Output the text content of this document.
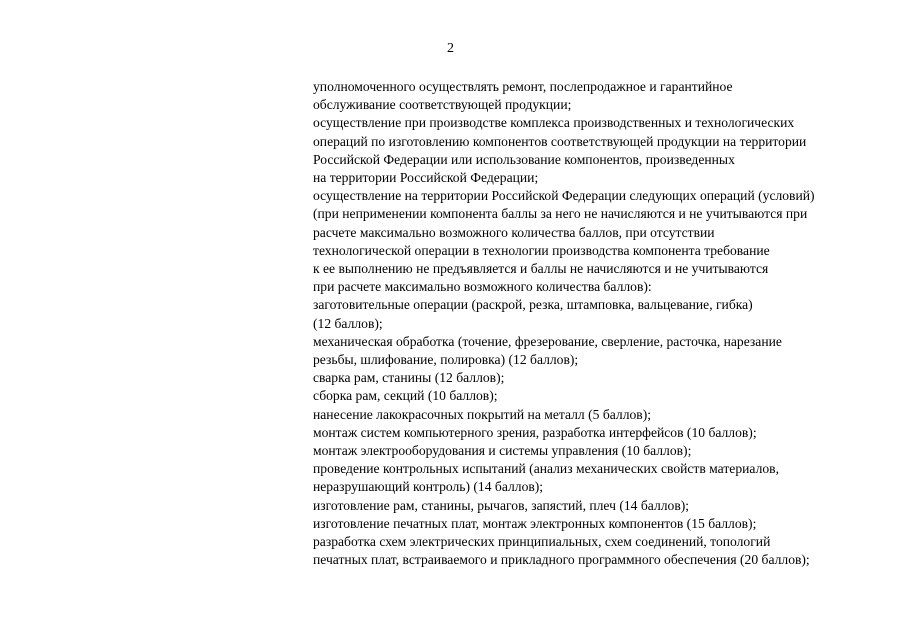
2
уполномоченного осуществлять ремонт, послепродажное и гарантийное
обслуживание соответствующей продукции;
осуществление при производстве комплекса производственных и технологических
операций по изготовлению компонентов соответствующей продукции на территории
Российской Федерации или использование компонентов, произведенных
на территории Российской Федерации;
осуществление на территории Российской Федерации следующих операций (условий)
(при неприменении компонента баллы за него не начисляются и не учитываются при
расчете максимально возможного количества баллов, при отсутствии
технологической операции в технологии производства компонента требование
к ее выполнению не предъявляется и баллы не начисляются и не учитываются
при расчете максимально возможного количества баллов):
заготовительные операции (раскрой, резка, штамповка, вальцевание, гибка)
(12 баллов);
механическая обработка (точение, фрезерование, сверление, расточка, нарезание
резьбы, шлифование, полировка) (12 баллов);
сварка рам, станины (12 баллов);
сборка рам, секций (10 баллов);
нанесение лакокрасочных покрытий на металл (5 баллов);
монтаж систем компьютерного зрения, разработка интерфейсов (10 баллов);
монтаж электрооборудования и системы управления (10 баллов);
проведение контрольных испытаний (анализ механических свойств материалов,
неразрушающий контроль) (14 баллов);
изготовление рам, станины, рычагов, запястий, плеч (14 баллов);
изготовление печатных плат, монтаж электронных компонентов (15 баллов);
разработка схем электрических принципиальных, схем соединений, топологий
печатных плат, встраиваемого и прикладного программного обеспечения (20 баллов);
